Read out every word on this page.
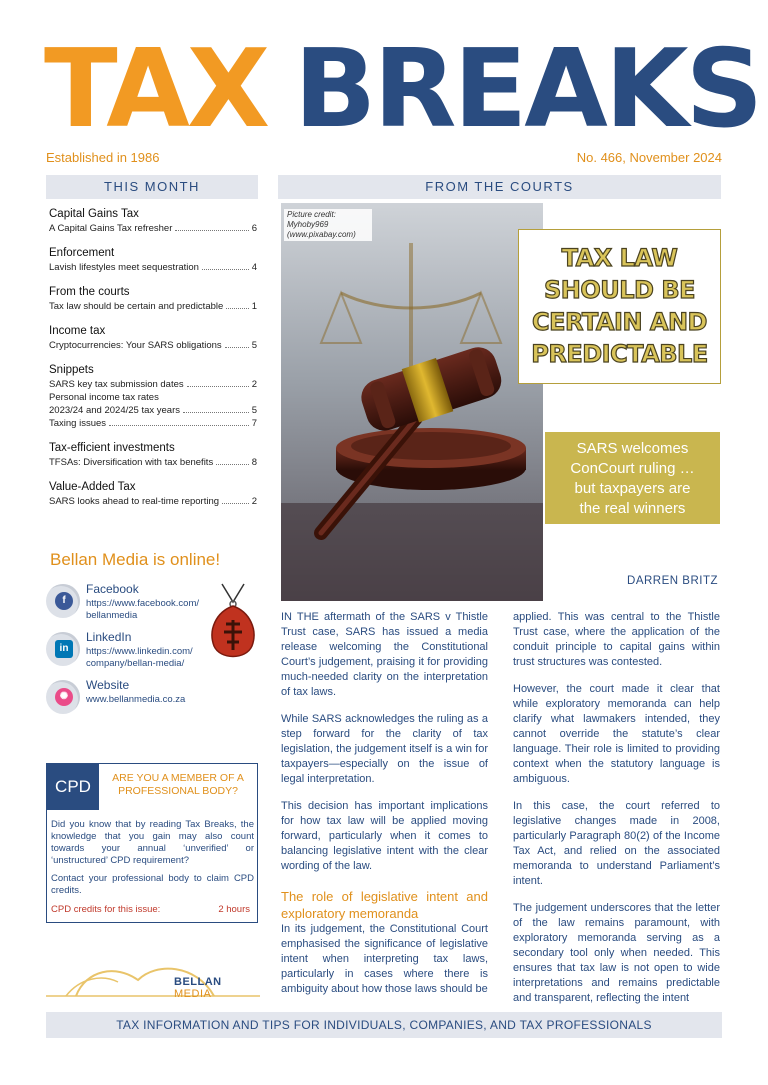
TAX BREAKS
Established in 1986	No. 466, November 2024
THIS MONTH	FROM THE COURTS
Capital Gains Tax
A Capital Gains Tax refresher	6
Enforcement
Lavish lifestyles meet sequestration	4
From the courts
Tax law should be certain and predictable	1
Income tax
Cryptocurrencies: Your SARS obligations	5
Snippets
SARS key tax submission dates	2
Personal income tax rates
2023/24 and 2024/25 tax years	5
Taxing issues	7
Tax-efficient investments
TFSAs: Diversification with tax benefits	8
Value-Added Tax
SARS looks ahead to real-time reporting	2
Bellan Media is online!
f
Facebook
https://www.facebook.com/
bellanmedia
in
LinkedIn
https://www.linkedin.com/
company/bellan-media/
✺
Website
www.bellanmedia.co.za
CPD	ARE YOU A MEMBER OF A PROFESSIONAL BODY?

Did you know that by reading Tax Breaks, the knowledge that you gain may also count towards your annual ‘unverified’ or ‘unstructured’ CPD requirement?

Contact your professional body to claim CPD credits.

CPD credits for this issue:	2 hours
BELLAN MEDIA
Picture credit: Myhoby969 (www.pixabay.com)
TAX LAW
SHOULD BE
CERTAIN AND
PREDICTABLE
SARS welcomes
ConCourt ruling …
but taxpayers are
the real winners
DARREN BRITZ

IN THE aftermath of the SARS v Thistle Trust case, SARS has issued a media release welcoming the Constitutional Court’s judgement, praising it for providing much-needed clarity on the interpretation of tax laws.

While SARS acknowledges the ruling as a step forward for the clarity of tax legislation, the judgement itself is a win for taxpayers—especially on the issue of legal interpretation.

This decision has important implications for how tax law will be applied moving forward, particularly when it comes to balancing legislative intent with the clear wording of the law.

The role of legislative intent and exploratory memoranda

In its judgement, the Constitutional Court emphasised the significance of legislative intent when interpreting tax laws, particularly in cases where there is ambiguity about how those laws should be

applied. This was central to the Thistle Trust case, where the application of the conduit principle to capital gains within trust structures was contested.

However, the court made it clear that while exploratory memoranda can help clarify what lawmakers intended, they cannot override the statute’s clear language. Their role is limited to providing context when the statutory language is ambiguous.

In this case, the court referred to legislative changes made in 2008, particularly Paragraph 80(2) of the Income Tax Act, and relied on the associated memoranda to understand Parliament’s intent.

The judgement underscores that the letter of the law remains paramount, with exploratory memoranda serving as a secondary tool only when needed. This ensures that tax law is not open to wide interpretations and remains predictable and transparent, reflecting the intent

TAX INFORMATION AND TIPS FOR INDIVIDUALS, COMPANIES, AND TAX PROFESSIONALS
